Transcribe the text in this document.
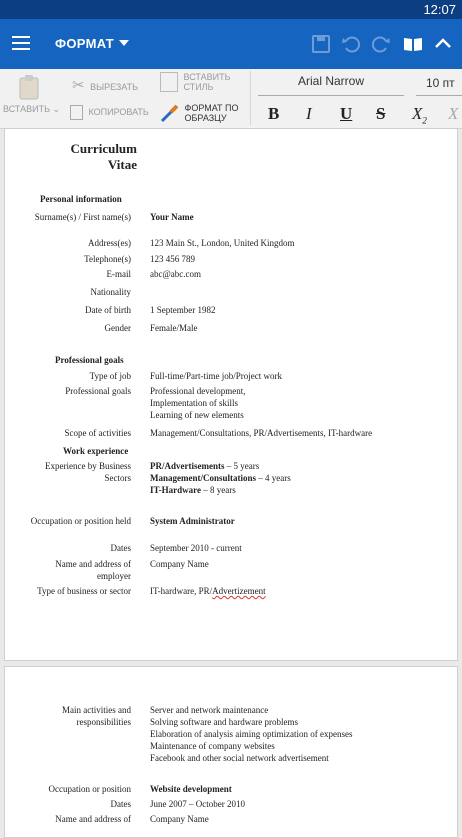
12:07
ФОРМАТ
ВСТАВИТЬ ⌄
✂ ВЫРЕЗАТЬ
КОПИРОВАТЬ
ВСТАВИТЬ
СТИЛЬ
ФОРМАТ ПО
ОБРАЗЦУ
Arial Narrow	10 пт
B I U S $X_2$ X
Curriculum
Vitae
Personal information
Surname(s) / First name(s) Your Name
Address(es) 123 Main St., London, United Kingdom
Telephone(s) 123 456 789
E-mail abc@abc.com
Nationality
Date of birth 1 September 1982
Gender Female/Male
Professional goals
Type of job Full-time/Part-time job/Project work
Professional goals Professional development,
Implementation of skills
Learning of new elements
Scope of activities Management/Consultations, PR/Advertisements, IT-hardware
Work experience
Experience by Business Sectors
PR/Advertisements – 5 years
Management/Consultations – 4 years
IT-Hardware – 8 years
Occupation or position held System Administrator
Dates September 2010 - current
Name and address of employer
Company Name
Type of business or sector IT-hardware, PR/Advertizement
Main activities and responsibilities
Server and network maintenance
Solving software and hardware problems
Elaboration of analysis aiming optimization of expenses
Maintenance of company websites
Facebook and other social network advertisement
Occupation or position Website development
Dates June 2007 – October 2010
Name and address of Company Name
